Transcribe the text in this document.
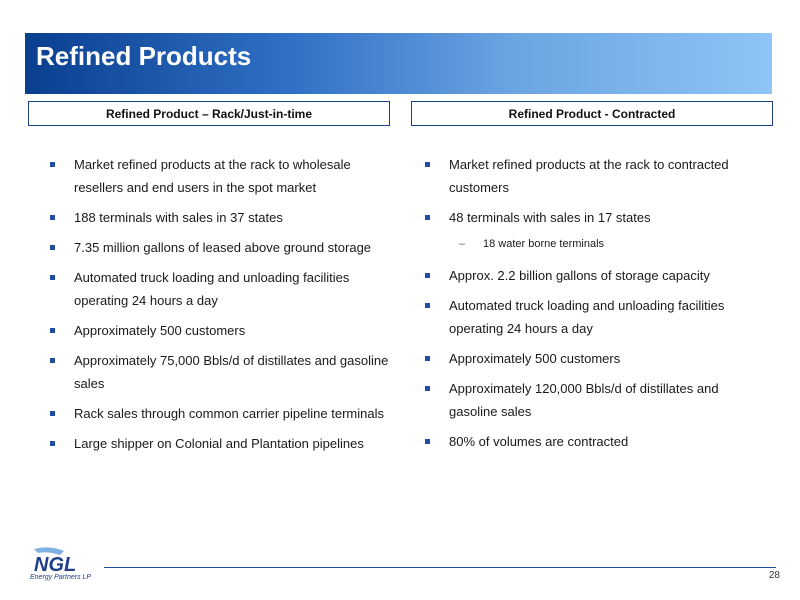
Refined Products
Refined Product – Rack/Just-in-time	Refined Product - Contracted
Market refined products at the rack to wholesale resellers and end users in the spot market
188 terminals with sales in 37 states
7.35 million gallons of leased above ground storage
Automated truck loading and unloading facilities operating 24 hours a day
Approximately 500 customers
Approximately 75,000 Bbls/d of distillates and gasoline sales
Rack sales through common carrier pipeline terminals
Large shipper on Colonial and Plantation pipelines
Market refined products at the rack to contracted customers
48 terminals with sales in 17 states
– 18 water borne terminals
Approx. 2.2 billion gallons of storage capacity
Automated truck loading and unloading facilities operating 24 hours a day
Approximately 500 customers
Approximately 120,000 Bbls/d of distillates and gasoline sales
80% of volumes are contracted
NGL
Energy Partners LP	28
